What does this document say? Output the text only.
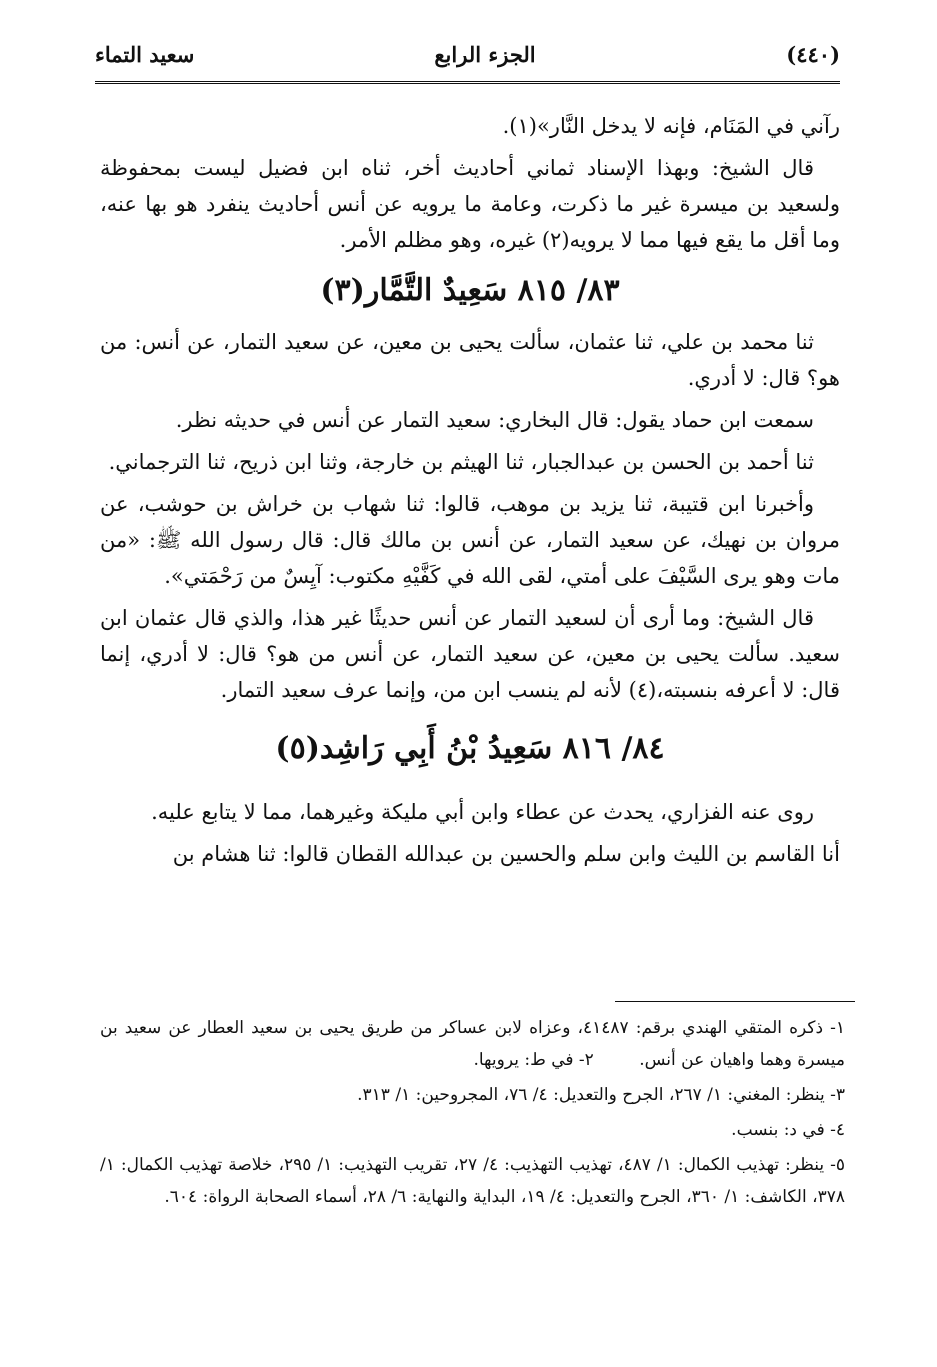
(٤٤٠)
الجزء الرابع
سعيد التماء

رآني في المَنَام، فإنه لا يدخل النَّار»(١).

قال الشيخ: وبهذا الإسناد ثماني أحاديث أخر، ثناه ابن فضيل ليست بمحفوظة ولسعيد بن ميسرة غير ما ذكرت، وعامة ما يرويه عن أنس أحاديث ينفرد هو بها عنه، وما أقل ما يقع فيها مما لا يرويه(٢) غيره، وهو مظلم الأمر.

٨٣/ ٨١٥ سَعِيدٌ التَّمَّار(٣)

ثنا محمد بن علي، ثنا عثمان، سألت يحيى بن معين، عن سعيد التمار، عن أنس: من هو؟ قال: لا أدري.

سمعت ابن حماد يقول: قال البخاري: سعيد التمار عن أنس في حديثه نظر.

ثنا أحمد بن الحسن بن عبدالجبار، ثنا الهيثم بن خارجة، وثنا ابن ذريح، ثنا الترجماني.

وأخبرنا ابن قتيبة، ثنا يزيد بن موهب، قالوا: ثنا شهاب بن خراش بن حوشب، عن مروان بن نهيك، عن سعيد التمار، عن أنس بن مالك قال: قال رسول الله ﷺ: «من مات وهو يرى السَّيْفَ على أمتي، لقى الله في كَفَّيْهِ مكتوب: آيِسٌ من رَحْمَتي».

قال الشيخ: وما أرى أن لسعيد التمار عن أنس حديثًا غير هذا، والذي قال عثمان ابن سعيد. سألت يحيى بن معين، عن سعيد التمار، عن أنس من هو؟ قال: لا أدري، إنما قال: لا أعرفه بنسبته،(٤) لأنه لم ينسب ابن من، وإنما عرف سعيد التمار.

٨٤/ ٨١٦ سَعِيدُ بْنُ أَبِي رَاشِد(٥)

روى عنه الفزاري، يحدث عن عطاء وابن أبي مليكة وغيرهما، مما لا يتابع عليه.

أنا القاسم بن الليث وابن سلم والحسين بن عبدالله القطان قالوا: ثنا هشام بن

١- ذكره المتقي الهندي برقم: ٤١٤٨٧، وعزاه لابن عساكر من طريق يحيى بن سعيد العطار عن سعيد بن ميسرة وهما واهيان عن أنس. ٢- في ط: يرويها.

٣- ينظر: المغني: ١/ ٢٦٧، الجرح والتعديل: ٤/ ٧٦، المجروحين: ١/ ٣١٣.

٤- في د: بنسب.

٥- ينظر: تهذيب الكمال: ١/ ٤٨٧، تهذيب التهذيب: ٤/ ٢٧، تقريب التهذيب: ١/ ٢٩٥، خلاصة تهذيب الكمال: ١/ ٣٧٨، الكاشف: ١/ ٣٦٠، الجرح والتعديل: ٤/ ١٩، البداية والنهاية: ٦/ ٢٨، أسماء الصحابة الرواة: ٦٠٤.
